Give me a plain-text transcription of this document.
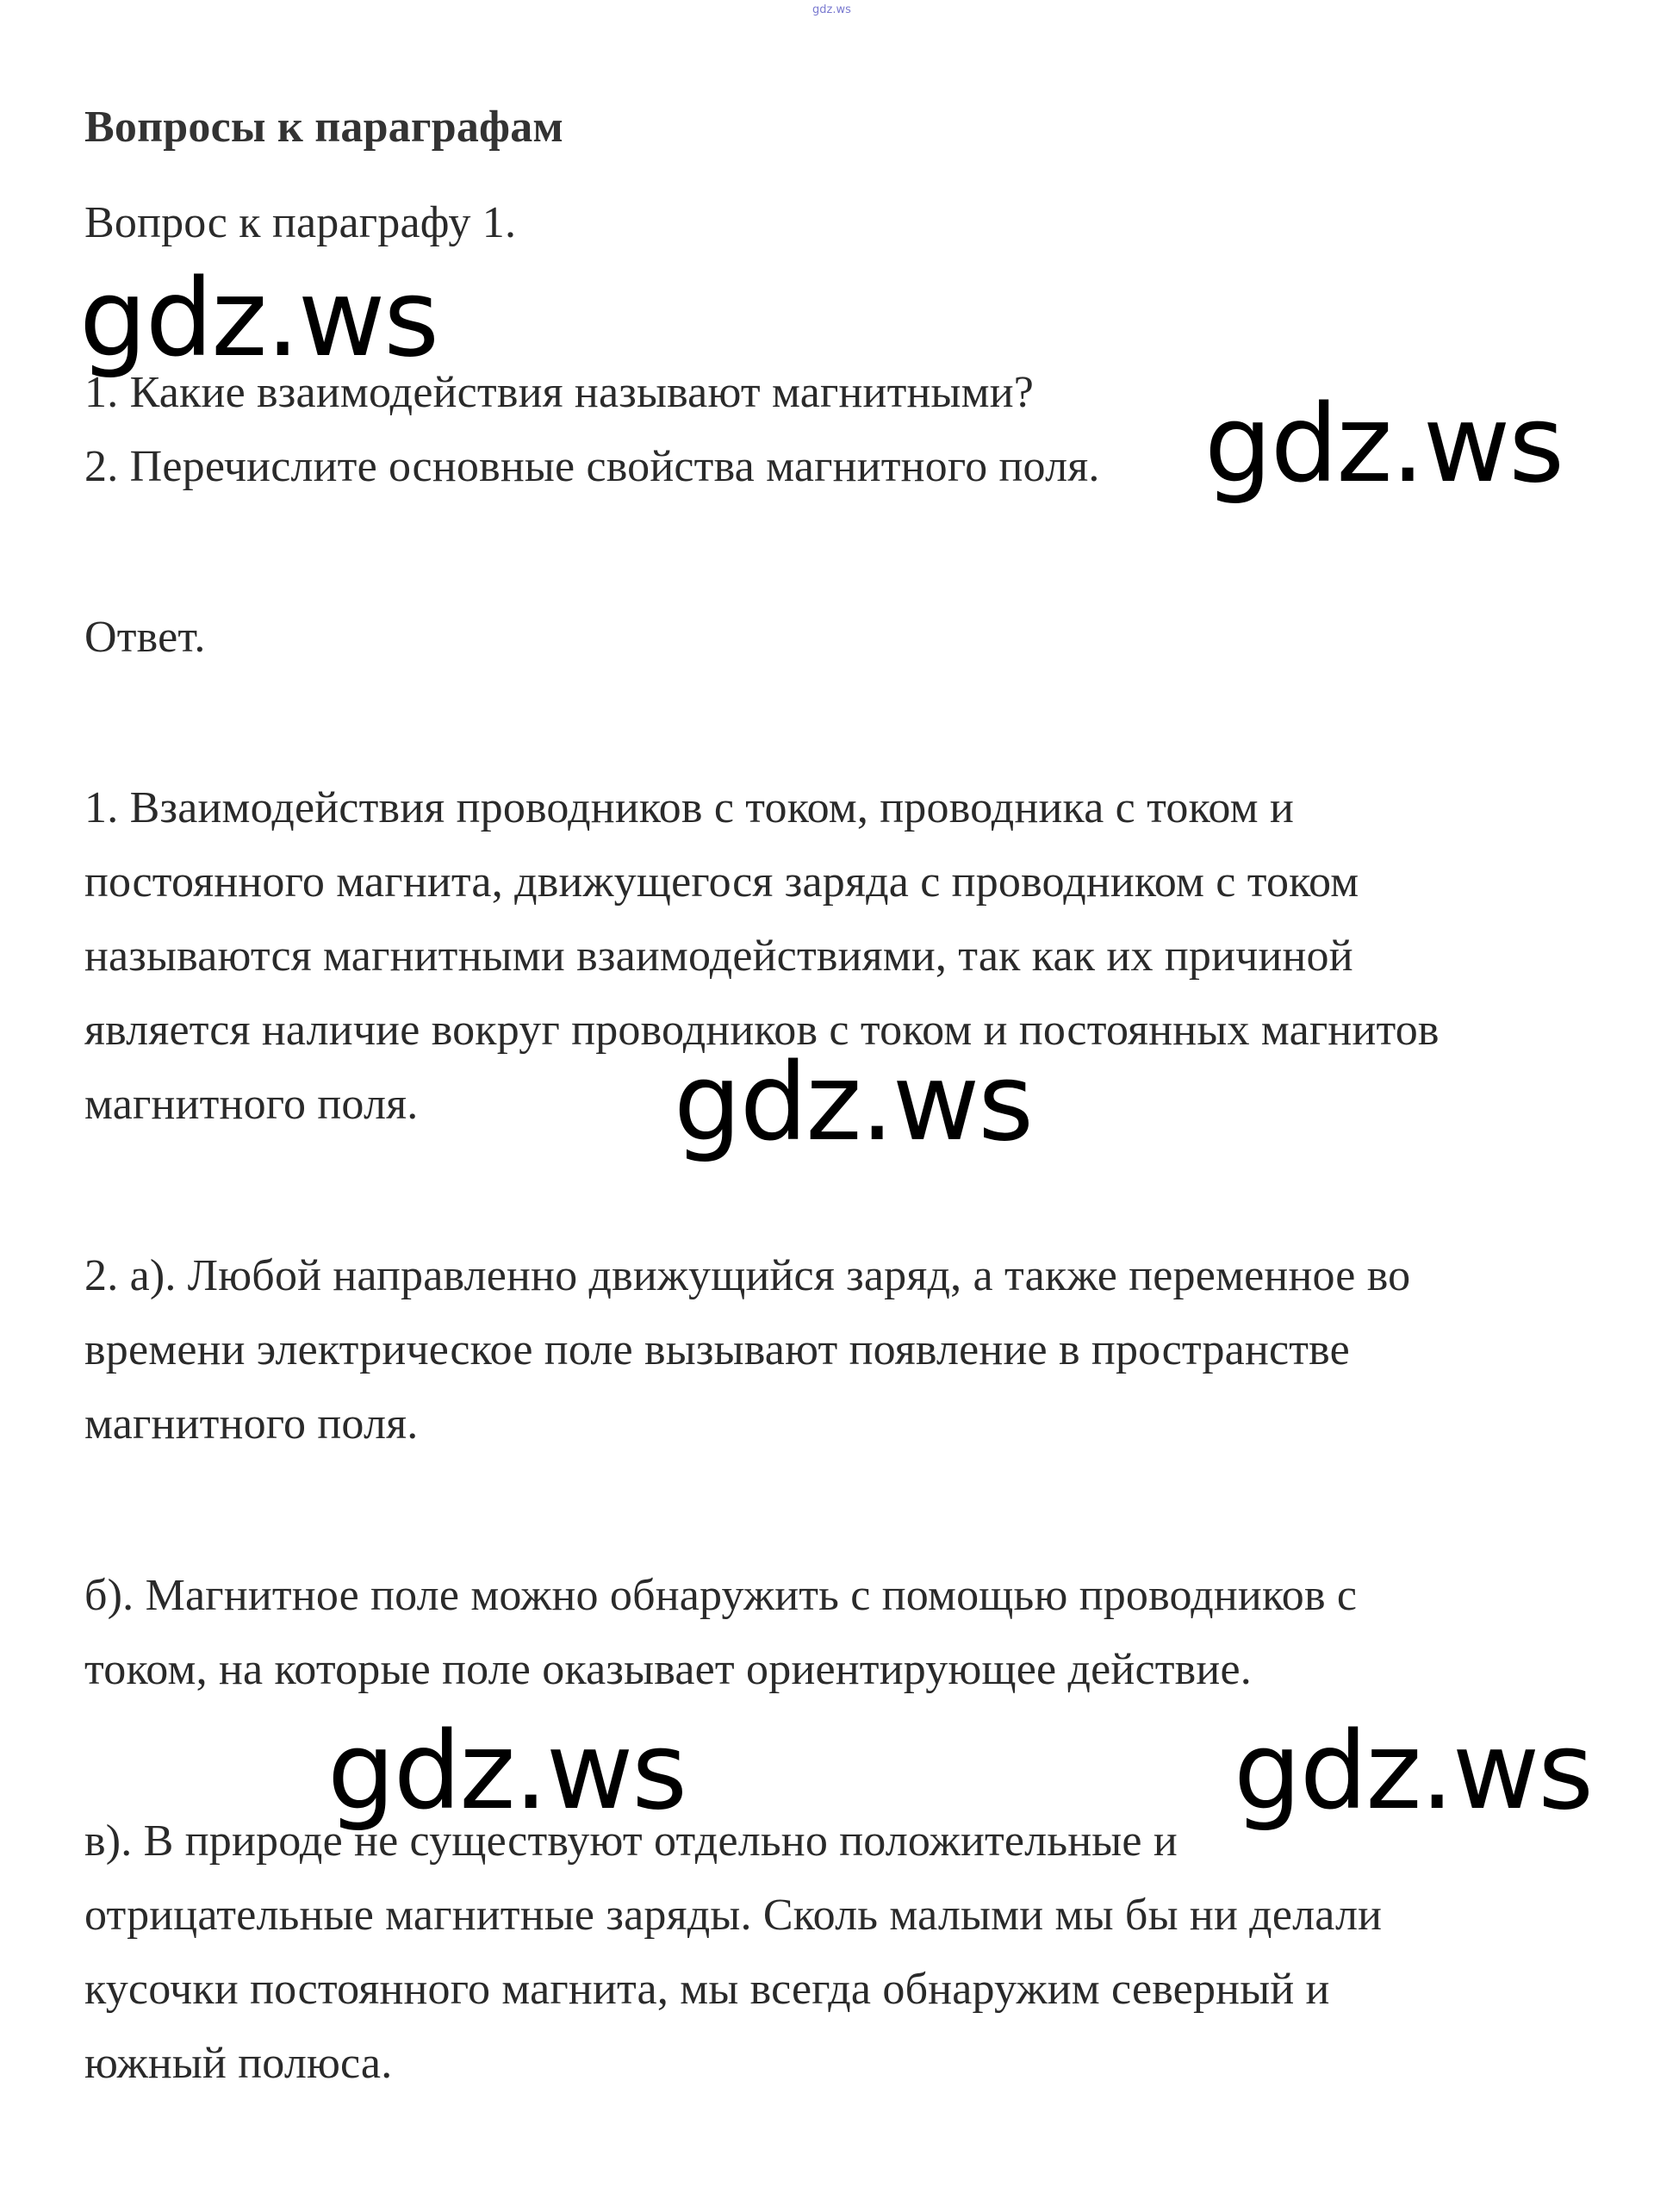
gdz.ws

Вопросы к параграфам

Вопрос к параграфу 1.

1. Какие взаимодействия называют магнитными?

2. Перечислите основные свойства магнитного поля.

Ответ.

1. Взаимодействия проводников с током, проводника с током и

постоянного магнита, движущегося заряда с проводником с током

называются магнитными взаимодействиями, так как их причиной

является наличие вокруг проводников с током и постоянных магнитов

магнитного поля.

2. а). Любой направленно движущийся заряд, а также переменное во

времени электрическое поле вызывают появление в пространстве

магнитного поля.

б). Магнитное поле можно обнаружить с помощью проводников с

током, на которые поле оказывает ориентирующее действие.

в). В природе не существуют отдельно положительные и

отрицательные магнитные заряды. Сколь малыми мы бы ни делали

кусочки постоянного магнита, мы всегда обнаружим северный и

южный полюса.

gdz.ws

gdz.ws

gdz.ws

gdz.ws	gdz.ws
